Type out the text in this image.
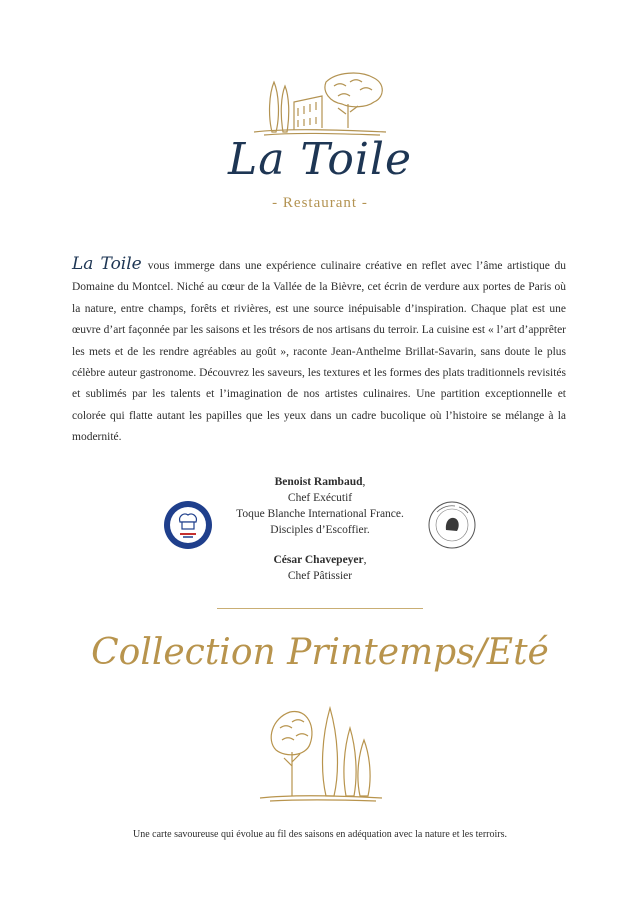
La Toile
- Restaurant -
La Toile vous immerge dans une expérience culinaire créative en reflet avec l’âme artistique du Domaine du Montcel. Niché au cœur de la Vallée de la Bièvre, cet écrin de verdure aux portes de Paris où la nature, entre champs, forêts et rivières, est une source inépuisable d’inspiration. Chaque plat est une œuvre d’art façonnée par les saisons et les trésors de nos artisans du terroir. La cuisine est « l’art d’apprêter les mets et de les rendre agréables au goût », raconte Jean-Anthelme Brillat-Savarin, sans doute le plus célèbre auteur gastronome. Découvrez les saveurs, les textures et les formes des plats traditionnels revisités et sublimés par les talents et l’imagination de nos artistes culinaires. Une partition exceptionnelle et colorée qui flatte autant les papilles que les yeux dans un cadre bucolique où l’histoire se mélange à la modernité.
Benoist Rambaud,
Chef Exécutif
Toque Blanche International France.
Disciples d’Escoffier.
César Chavepeyer,
Chef Pâtissier
Collection Printemps/Eté
Une carte savoureuse qui évolue au fil des saisons en adéquation avec la nature et les terroirs.
